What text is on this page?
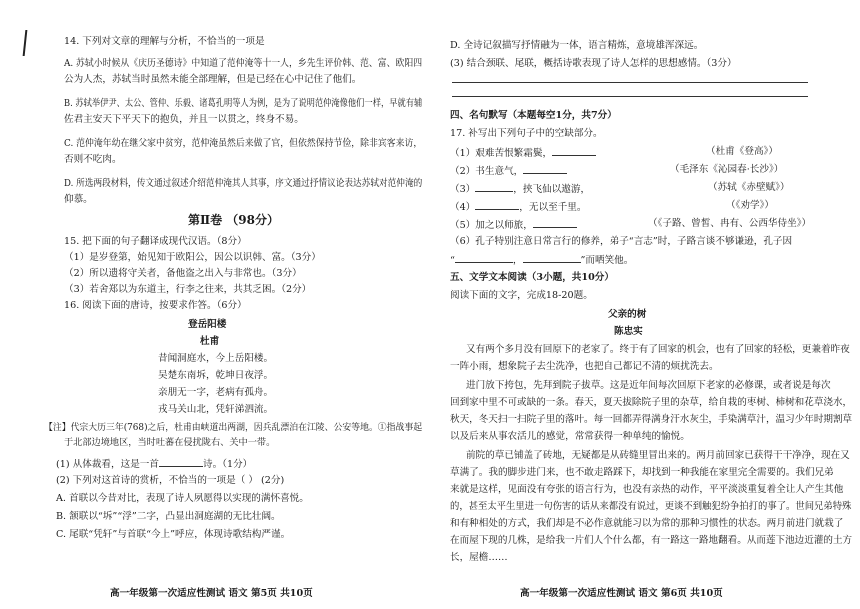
14. 下列对文章的理解与分析，不恰当的一项是
A. 苏轼小时候从《庆历圣德诗》中知道了范仲淹等十一人，乡先生评价韩、范、富、欧阳四
公为人杰，苏轼当时虽然未能全部理解，但是已经在心中记住了他们。
B. 苏轼举伊尹、太公、管仲、乐毅、诸葛孔明等人为例，是为了说明范仲淹像他们一样，早就有辅
佐君主安天下平天下的抱负，并且一以贯之，终身不易。
C. 范仲淹年幼在继父家中贫穷，范仲淹虽然后来做了官，但依然保持节俭，除非宾客来访，
否则不吃肉。
D. 所选两段材料，传文通过叙述介绍范仲淹其人其事，序文通过抒情议论表达苏轼对范仲淹的
仰慕。
第Ⅱ卷 （98分）
15. 把下面的句子翻译成现代汉语。（8分）
（1）是岁登第，始见知于欧阳公，因公以识韩、富。（3分）
（2）所以遗将守关者，备他盗之出入与非常也。（3分）
（3）若舍郑以为东道主，行李之往来，共其乏困。（2分）
16. 阅读下面的唐诗，按要求作答。（6分）
登岳阳楼
杜甫
昔闻洞庭水，今上岳阳楼。
吴楚东南坼，乾坤日夜浮。
亲朋无一字，老病有孤舟。
戎马关山北，凭轩涕泗流。
【注】代宗大历三年(768)之后，杜甫由峡道出两湖，因兵乱漂泊在江陵、公安等地。①指战事起
于北部边境地区，当时吐蕃在侵扰陇右、关中一带。
(1) 从体裁看，这是一首	诗。（1分）
(2) 下列对这首诗的赏析，不恰当的一项是（ ） (2分)
A. 首联以今昔对比，表现了诗人夙愿得以实现的满怀喜悦。
B. 颔联以“坼”“浮”二字，凸显出洞庭湖的无比壮阔。
C. 尾联“凭轩”与首联“今上”呼应，体现诗歌结构严谨。
高一年级第一次适应性测试 语文 第5页 共10页
D. 全诗记叙描写抒情融为一体，语言精炼，意境雄浑深远。
(3) 结合颈联、尾联，概括诗歌表现了诗人怎样的思想感情。（3分）
四、名句默写（本题每空1分，共7分）
17. 补写出下列句子中的空缺部分。
（1）艰难苦恨繁霜鬓，	（杜甫《登高》）
（2）书生意气，	（毛泽东《沁园春·长沙》）
（3）	，挟飞仙以遨游，	（苏轼《赤壁赋》）
（4）	，无以至千里。	（《劝学》）
（5）加之以师旅，	（《子路、曾皙、冉有、公西华侍坐》）
（6）孔子特别注意日常言行的修养，弟子“言志”时，子路言谈不够谦逊，孔子因
“	，	”而哂笑他。
五、文学文本阅读（3小题，共10分）
阅读下面的文字，完成18-20题。
父亲的树
陈忠实
又有两个多月没有回原下的老家了。终于有了回家的机会，也有了回家的轻松，更兼着昨夜
一阵小雨，想象院子去尘洗净，也把自己都记不清的烦扰洗去。
进门放下挎包，先拜到院子拔草。这是近年间每次回原下老家的必修课，或者说是每次
回到家中里不可或缺的一条。春天，夏天拔除院子里的杂草，给自栽的枣树、柿树和花草浇水，
秋天，冬天扫一扫院子里的落叶。每一回都弄得满身汗水灰尘，手染满草汁，温习少年时期割草
以及后来从事农活儿的感觉，常常获得一种单纯的愉悦。
前院的草已铺盖了砖地，无疑都是从砖缝里冒出来的。两月前回家已获得干干净净，现在又
草满了。我的脚步进门来，也不敢走路踩下，却找到一种我能在家里完全需要的。我们兄弟
来就是这样，见面没有夸张的语言行为，也没有亲热的动作，平平淡淡重复着全让人产生其他
的，甚至太平生里进一句伤害的话从来都没有说过，更谈不到触犯纷争拍打的事了。世间兄弟特殊
和有种相处的方式，我们却是不必作意就能习以为常的那种习惯性的状态。两月前进门就栽了
在而屋下现的几株，是给我一片们人个什么都，有一路这一路地翻看。从而莲下池边近灌的土方
长，屋檐……
高一年级第一次适应性测试 语文 第6页 共10页
